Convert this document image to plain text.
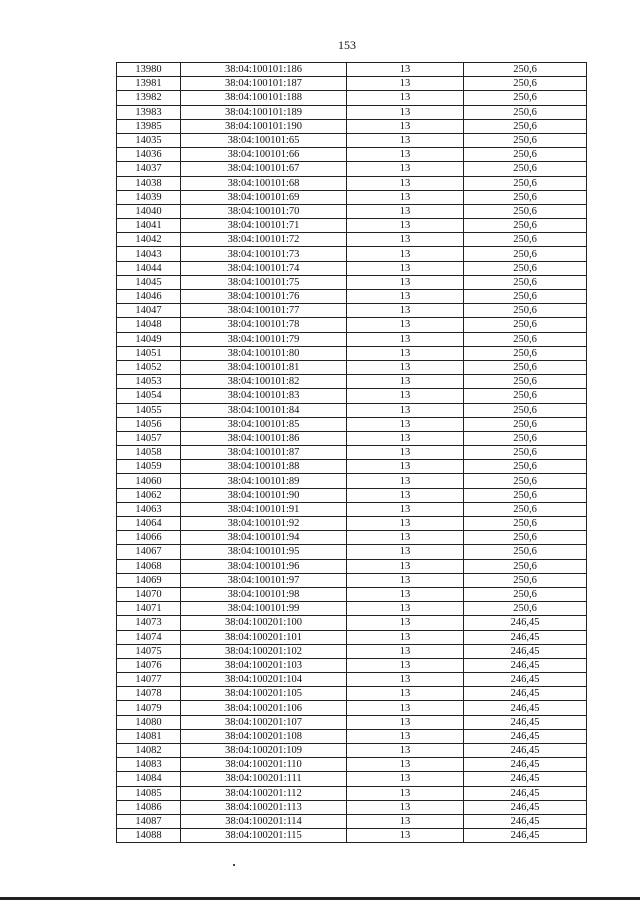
153
13980	38:04:100101:186	13	250,6
13981	38:04:100101:187	13	250,6
13982	38:04:100101:188	13	250,6
13983	38:04:100101:189	13	250,6
13985	38:04:100101:190	13	250,6
14035	38:04:100101:65	13	250,6
14036	38:04:100101:66	13	250,6
14037	38:04:100101:67	13	250,6
14038	38:04:100101:68	13	250,6
14039	38:04:100101:69	13	250,6
14040	38:04:100101:70	13	250,6
14041	38:04:100101:71	13	250,6
14042	38:04:100101:72	13	250,6
14043	38:04:100101:73	13	250,6
14044	38:04:100101:74	13	250,6
14045	38:04:100101:75	13	250,6
14046	38:04:100101:76	13	250,6
14047	38:04:100101:77	13	250,6
14048	38:04:100101:78	13	250,6
14049	38:04:100101:79	13	250,6
14051	38:04:100101:80	13	250,6
14052	38:04:100101:81	13	250,6
14053	38:04:100101:82	13	250,6
14054	38:04:100101:83	13	250,6
14055	38:04:100101:84	13	250,6
14056	38:04:100101:85	13	250,6
14057	38:04:100101:86	13	250,6
14058	38:04:100101:87	13	250,6
14059	38:04:100101:88	13	250,6
14060	38:04:100101:89	13	250,6
14062	38:04:100101:90	13	250,6
14063	38:04:100101:91	13	250,6
14064	38:04:100101:92	13	250,6
14066	38:04:100101:94	13	250,6
14067	38:04:100101:95	13	250,6
14068	38:04:100101:96	13	250,6
14069	38:04:100101:97	13	250,6
14070	38:04:100101:98	13	250,6
14071	38:04:100101:99	13	250,6
14073	38:04:100201:100	13	246,45
14074	38:04:100201:101	13	246,45
14075	38:04:100201:102	13	246,45
14076	38:04:100201:103	13	246,45
14077	38:04:100201:104	13	246,45
14078	38:04:100201:105	13	246,45
14079	38:04:100201:106	13	246,45
14080	38:04:100201:107	13	246,45
14081	38:04:100201:108	13	246,45
14082	38:04:100201:109	13	246,45
14083	38:04:100201:110	13	246,45
14084	38:04:100201:111	13	246,45
14085	38:04:100201:112	13	246,45
14086	38:04:100201:113	13	246,45
14087	38:04:100201:114	13	246,45
14088	38:04:100201:115	13	246,45
